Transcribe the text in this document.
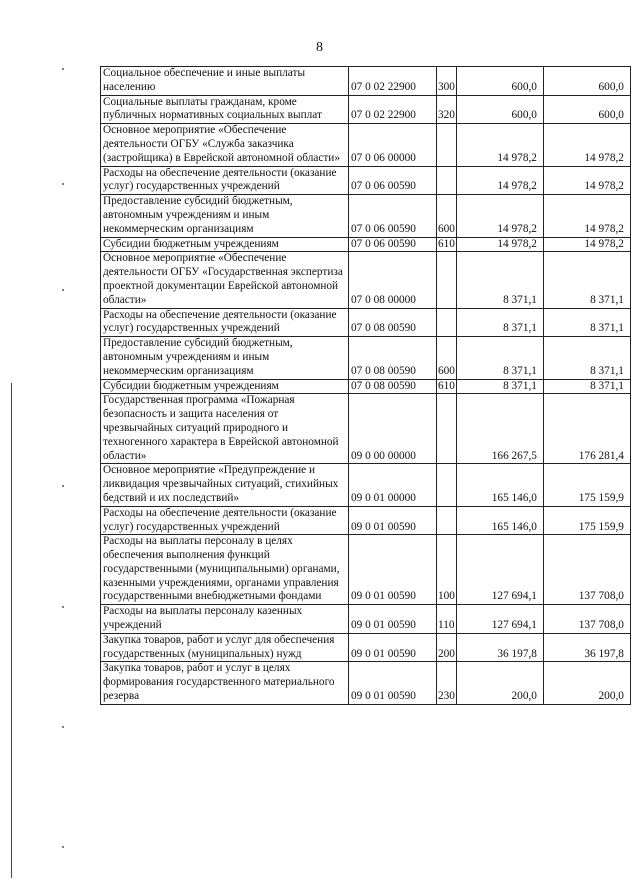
8
Социальное обеспечение и иные выплаты населению	07 0 02 22900	300	600,0	600,0
Социальные выплаты гражданам, кроме публичных нормативных социальных выплат	07 0 02 22900	320	600,0	600,0
Основное мероприятие «Обеспечение деятельности ОГБУ «Служба заказчика (застройщика) в Еврейской автономной области»	07 0 06 00000		14 978,2	14 978,2
Расходы на обеспечение деятельности (оказание услуг) государственных учреждений	07 0 06 00590		14 978,2	14 978,2
Предоставление субсидий бюджетным, автономным учреждениям и иным некоммерческим организациям	07 0 06 00590	600	14 978,2	14 978,2
Субсидии бюджетным учреждениям	07 0 06 00590	610	14 978,2	14 978,2
Основное мероприятие «Обеспечение деятельности ОГБУ «Государственная экспертиза проектной документации Еврейской автономной области»	07 0 08 00000		8 371,1	8 371,1
Расходы на обеспечение деятельности (оказание услуг) государственных учреждений	07 0 08 00590		8 371,1	8 371,1
Предоставление субсидий бюджетным, автономным учреждениям и иным некоммерческим организациям	07 0 08 00590	600	8 371,1	8 371,1
Субсидии бюджетным учреждениям	07 0 08 00590	610	8 371,1	8 371,1
Государственная программа «Пожарная безопасность и защита населения от чрезвычайных ситуаций природного и техногенного характера в Еврейской автономной области»	09 0 00 00000		166 267,5	176 281,4
Основное мероприятие «Предупреждение и ликвидация чрезвычайных ситуаций, стихийных бедствий и их последствий»	09 0 01 00000		165 146,0	175 159,9
Расходы на обеспечение деятельности (оказание услуг) государственных учреждений	09 0 01 00590		165 146,0	175 159,9
Расходы на выплаты персоналу в целях обеспечения выполнения функций государственными (муниципальными) органами, казенными учреждениями, органами управления государственными внебюджетными фондами	09 0 01 00590	100	127 694,1	137 708,0
Расходы на выплаты персоналу казенных учреждений	09 0 01 00590	110	127 694,1	137 708,0
Закупка товаров, работ и услуг для обеспечения государственных (муниципальных) нужд	09 0 01 00590	200	36 197,8	36 197,8
Закупка товаров, работ и услуг в целях формирования государственного материального резерва	09 0 01 00590	230	200,0	200,0
